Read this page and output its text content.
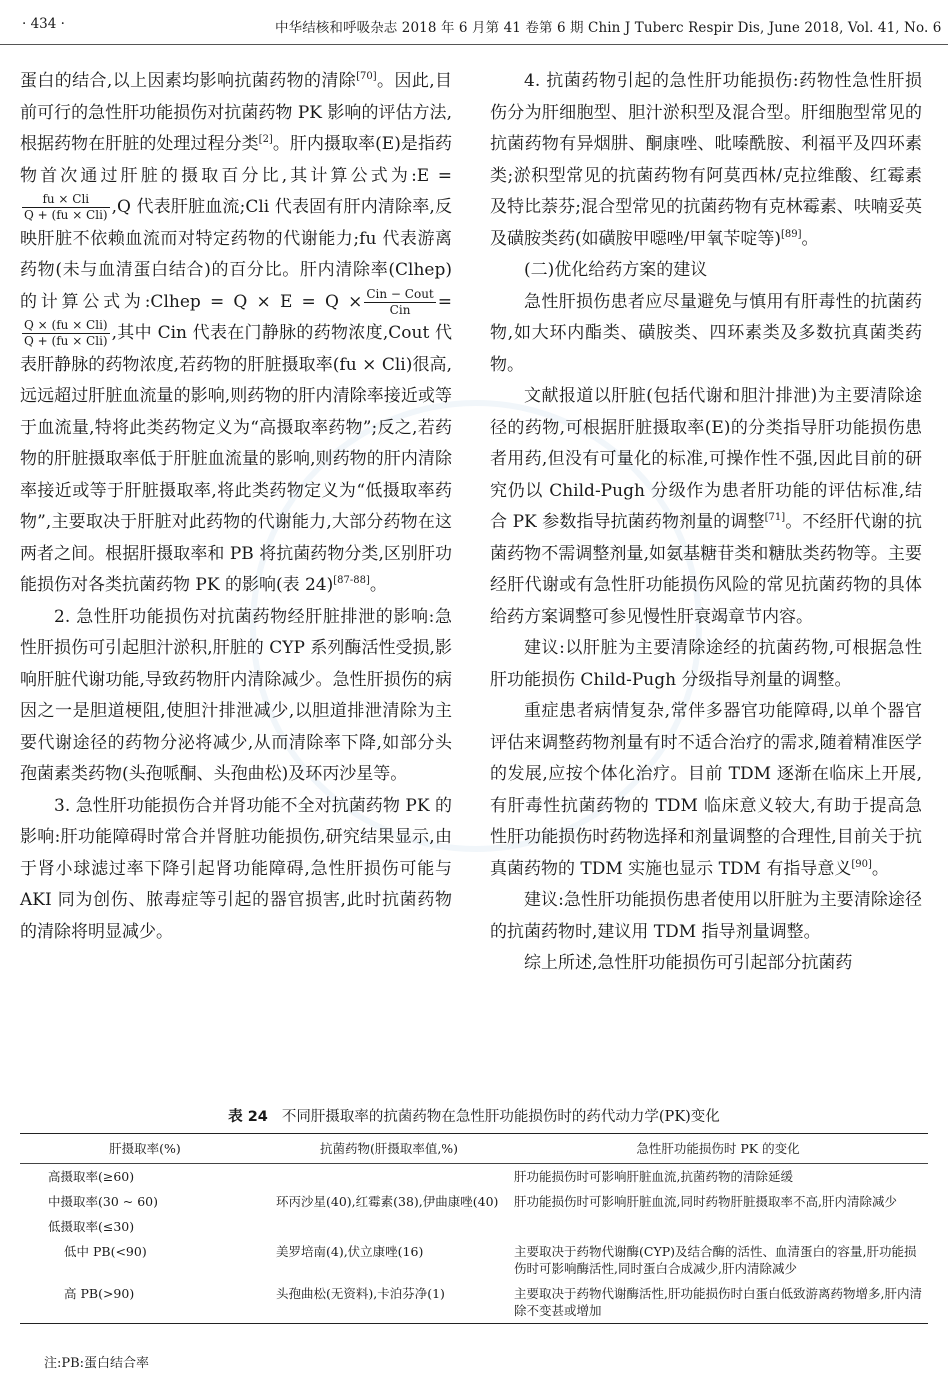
· 434 ·	中华结核和呼吸杂志 2018 年 6 月第 41 卷第 6 期 Chin J Tuberc Respir Dis, June 2018, Vol. 41, No. 6

蛋白的结合,以上因素均影响抗菌药物的清除[70]。因此,目前可行的急性肝功能损伤对抗菌药物 PK 影响的评估方法,根据药物在肝脏的处理过程分类[2]。肝内摄取率(E)是指药物首次通过肝脏的摄取百分比,其计算公式为:E =
$\frac{\text{fu × Cli}}{\text{Q + (fu × Cli)}} ,Q$ 代表肝脏血流;Cli 代表固有肝内清除率,反映肝脏不依赖血流而对特定药物的代谢能力;fu 代表游离药物(未与血清蛋白结合)的百分比。肝内清除率(Clhep)的计算公式为:Clhep = $Q \times E = Q \times \frac{\text{Cin − Cout}}{\text{Cin}}$ =
$\frac{\text{Q × (fu × Cli)}}{\text{Q + (fu × Cli)}}$ ,其中 Cin 代表在门静脉的药物浓度,Cout 代表肝静脉的药物浓度,若药物的肝脏摄取率(fu × Cli)很高,远远超过肝脏血流量的影响,则药物的肝内清除率接近或等于血流量,特将此类药物定义为“高摄取率药物”;反之,若药物的肝脏摄取率低于肝脏血流量的影响,则药物的肝内清除率接近或等于肝脏摄取率,将此类药物定义为“低摄取率药物”,主要取决于肝脏对此药物的代谢能力,大部分药物在这两者之间。根据肝摄取率和 PB 将抗菌药物分类,区别肝功能损伤对各类抗菌药物 PK 的影响(表 24)[87-88]。

2. 急性肝功能损伤对抗菌药物经肝脏排泄的影响:急性肝损伤可引起胆汁淤积,肝脏的 CYP 系列酶活性受损,影响肝脏代谢功能,导致药物肝内清除减少。急性肝损伤的病因之一是胆道梗阻,使胆汁排泄减少,以胆道排泄清除为主要代谢途径的药物分泌将减少,从而清除率下降,如部分头孢菌素类药物(头孢哌酮、头孢曲松)及环丙沙星等。

3. 急性肝功能损伤合并肾功能不全对抗菌药物 PK 的影响:肝功能障碍时常合并肾脏功能损伤,研究结果显示,由于肾小球滤过率下降引起肾功能障碍,急性肝损伤可能与 AKI 同为创伤、脓毒症等引起的器官损害,此时抗菌药物的清除将明显减少。

4. 抗菌药物引起的急性肝功能损伤:药物性急性肝损伤分为肝细胞型、胆汁淤积型及混合型。肝细胞型常见的抗菌药物有异烟肼、酮康唑、吡嗪酰胺、利福平及四环素类;淤积型常见的抗菌药物有阿莫西林/克拉维酸、红霉素及特比萘芬;混合型常见的抗菌药物有克林霉素、呋喃妥英及磺胺类药(如磺胺甲噁唑/甲氧苄啶等)[89]。

(二)优化给药方案的建议

急性肝损伤患者应尽量避免与慎用有肝毒性的抗菌药物,如大环内酯类、磺胺类、四环素类及多数抗真菌类药物。

文献报道以肝脏(包括代谢和胆汁排泄)为主要清除途径的药物,可根据肝脏摄取率(E)的分类指导肝功能损伤患者用药,但没有可量化的标准,可操作性不强,因此目前的研究仍以 Child-Pugh 分级作为患者肝功能的评估标准,结合 PK 参数指导抗菌药物剂量的调整[71]。不经肝代谢的抗菌药物不需调整剂量,如氨基糖苷类和糖肽类药物等。主要经肝代谢或有急性肝功能损伤风险的常见抗菌药物的具体给药方案调整可参见慢性肝衰竭章节内容。

建议:以肝脏为主要清除途经的抗菌药物,可根据急性肝功能损伤 Child-Pugh 分级指导剂量的调整。

重症患者病情复杂,常伴多器官功能障碍,以单个器官评估来调整药物剂量有时不适合治疗的需求,随着精准医学的发展,应按个体化治疗。目前 TDM 逐渐在临床上开展,有肝毒性抗菌药物的 TDM 临床意义较大,有助于提高急性肝功能损伤时药物选择和剂量调整的合理性,目前关于抗真菌药物的 TDM 实施也显示 TDM 有指导意义[90]。

建议:急性肝功能损伤患者使用以肝脏为主要清除途径的抗菌药物时,建议用 TDM 指导剂量调整。

综上所述,急性肝功能损伤可引起部分抗菌药

表 24 不同肝摄取率的抗菌药物在急性肝功能损伤时的药代动力学(PK)变化
肝摄取率(%)	抗菌药物(肝摄取率值,%)	急性肝功能损伤时 PK 的变化
高摄取率(≥60)		肝功能损伤时可影响肝脏血流,抗菌药物的清除延缓
中摄取率(30 ~ 60)	环丙沙星(40),红霉素(38),伊曲康唑(40)	肝功能损伤时可影响肝脏血流,同时药物肝脏摄取率不高,肝内清除减少
低摄取率(≤30)		
低中 PB(<90)	美罗培南(4),伏立康唑(16)	主要取决于药物代谢酶(CYP)及结合酶的活性、血清蛋白的容量,肝功能损伤时可影响酶活性,同时蛋白合成减少,肝内清除减少
高 PB(>90)	头孢曲松(无资料),卡泊芬净(1)	主要取决于药物代谢酶活性,肝功能损伤时白蛋白低致游离药物增多,肝内清除不变甚或增加
注:PB:蛋白结合率
